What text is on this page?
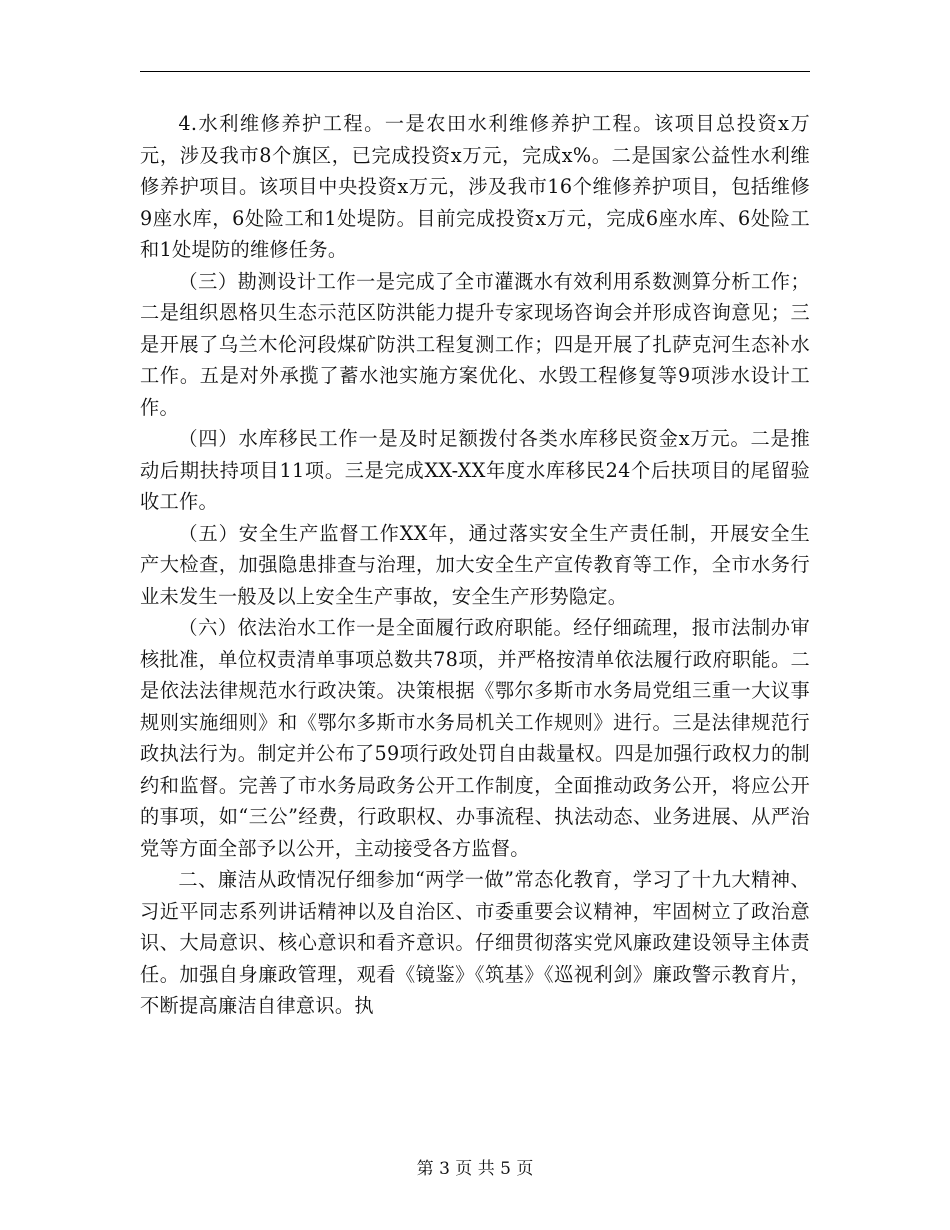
4.水利维修养护工程。一是农田水利维修养护工程。该项目总投资x万元，涉及我市8个旗区，已完成投资x万元，完成x%。二是国家公益性水利维修养护项目。该项目中央投资x万元，涉及我市16个维修养护项目，包括维修9座水库，6处险工和1处堤防。目前完成投资x万元，完成6座水库、6处险工和1处堤防的维修任务。

（三）勘测设计工作一是完成了全市灌溉水有效利用系数测算分析工作；二是组织恩格贝生态示范区防洪能力提升专家现场咨询会并形成咨询意见；三是开展了乌兰木伦河段煤矿防洪工程复测工作；四是开展了扎萨克河生态补水工作。五是对外承揽了蓄水池实施方案优化、水毁工程修复等9项涉水设计工作。

（四）水库移民工作一是及时足额拨付各类水库移民资金x万元。二是推动后期扶持项目11项。三是完成XX-XX年度水库移民24个后扶项目的尾留验收工作。

（五）安全生产监督工作XX年，通过落实安全生产责任制，开展安全生产大检查，加强隐患排查与治理，加大安全生产宣传教育等工作，全市水务行业未发生一般及以上安全生产事故，安全生产形势隐定。

（六）依法治水工作一是全面履行政府职能。经仔细疏理，报市法制办审核批准，单位权责清单事项总数共78项，并严格按清单依法履行政府职能。二是依法法律规范水行政决策。决策根据《鄂尔多斯市水务局党组三重一大议事规则实施细则》和《鄂尔多斯市水务局机关工作规则》进行。三是法律规范行政执法行为。制定并公布了59项行政处罚自由裁量权。四是加强行政权力的制约和监督。完善了市水务局政务公开工作制度，全面推动政务公开，将应公开的事项，如“三公”经费，行政职权、办事流程、执法动态、业务进展、从严治党等方面全部予以公开，主动接受各方监督。

二、廉洁从政情况仔细参加“两学一做”常态化教育，学习了十九大精神、习近平同志系列讲话精神以及自治区、市委重要会议精神，牢固树立了政治意识、大局意识、核心意识和看齐意识。仔细贯彻落实党风廉政建设领导主体责任。加强自身廉政管理，观看《镜鉴》《筑基》《巡视利剑》廉政警示教育片，不断提高廉洁自律意识。执

第 3 页 共 5 页
